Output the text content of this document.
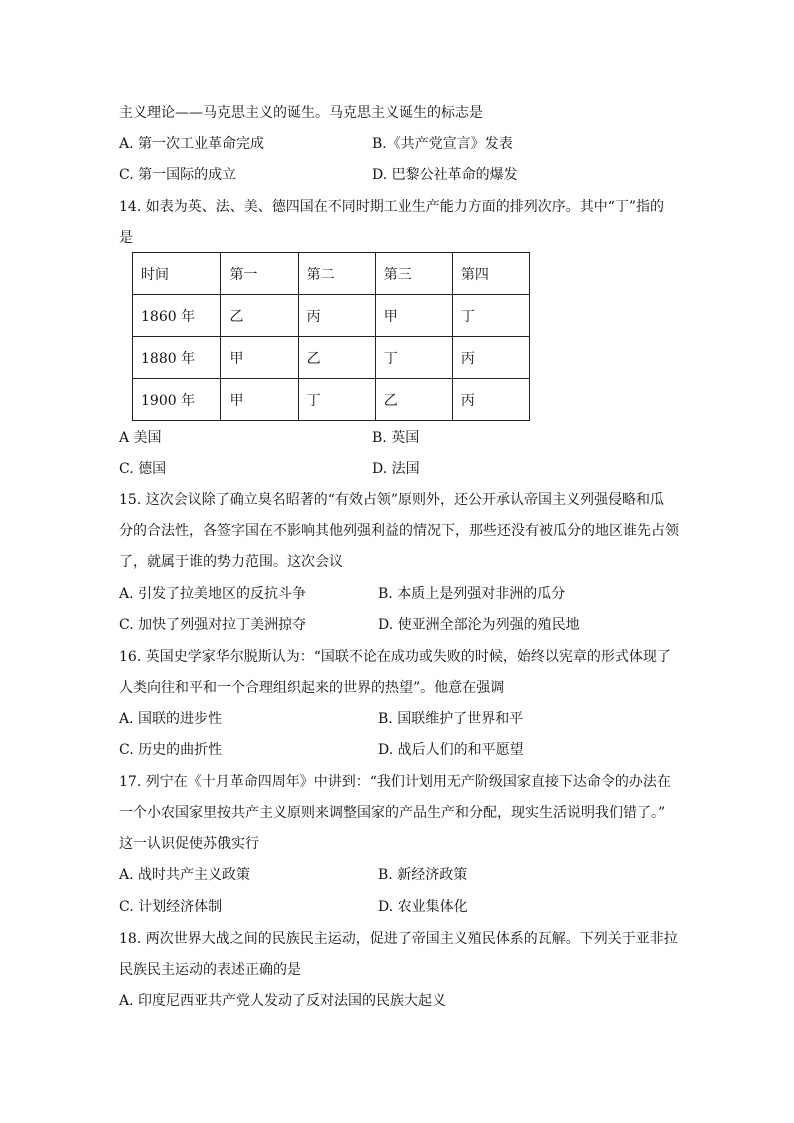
主义理论——马克思主义的诞生。马克思主义诞生的标志是
A. 第一次工业革命完成	B.《共产党宣言》发表
C. 第一国际的成立	D. 巴黎公社革命的爆发
14. 如表为英、法、美、德四国在不同时期工业生产能力方面的排列次序。其中“丁”指的
是
时间	第一	第二	第三	第四
1860 年	乙	丙	甲	丁
1880 年	甲	乙	丁	丙
1900 年	甲	丁	乙	丙
A 美国	B. 英国
C. 德国	D. 法国
15. 这次会议除了确立臭名昭著的“有效占领”原则外，还公开承认帝国主义列强侵略和瓜
分的合法性，各签字国在不影响其他列强利益的情况下，那些还没有被瓜分的地区谁先占领
了，就属于谁的势力范围。这次会议
A. 引发了拉美地区的反抗斗争	B. 本质上是列强对非洲的瓜分
C. 加快了列强对拉丁美洲掠夺	D. 使亚洲全部沦为列强的殖民地
16. 英国史学家华尔脱斯认为：“国联不论在成功或失败的时候，始终以宪章的形式体现了
人类向往和平和一个合理组织起来的世界的热望”。他意在强调
A. 国联的进步性	B. 国联维护了世界和平
C. 历史的曲折性	D. 战后人们的和平愿望
17. 列宁在《十月革命四周年》中讲到：“我们计划用无产阶级国家直接下达命令的办法在
一个小农国家里按共产主义原则来调整国家的产品生产和分配，现实生活说明我们错了。”
这一认识促使苏俄实行
A. 战时共产主义政策	B. 新经济政策
C. 计划经济体制	D. 农业集体化
18. 两次世界大战之间的民族民主运动，促进了帝国主义殖民体系的瓦解。下列关于亚非拉
民族民主运动的表述正确的是
A. 印度尼西亚共产党人发动了反对法国的民族大起义
